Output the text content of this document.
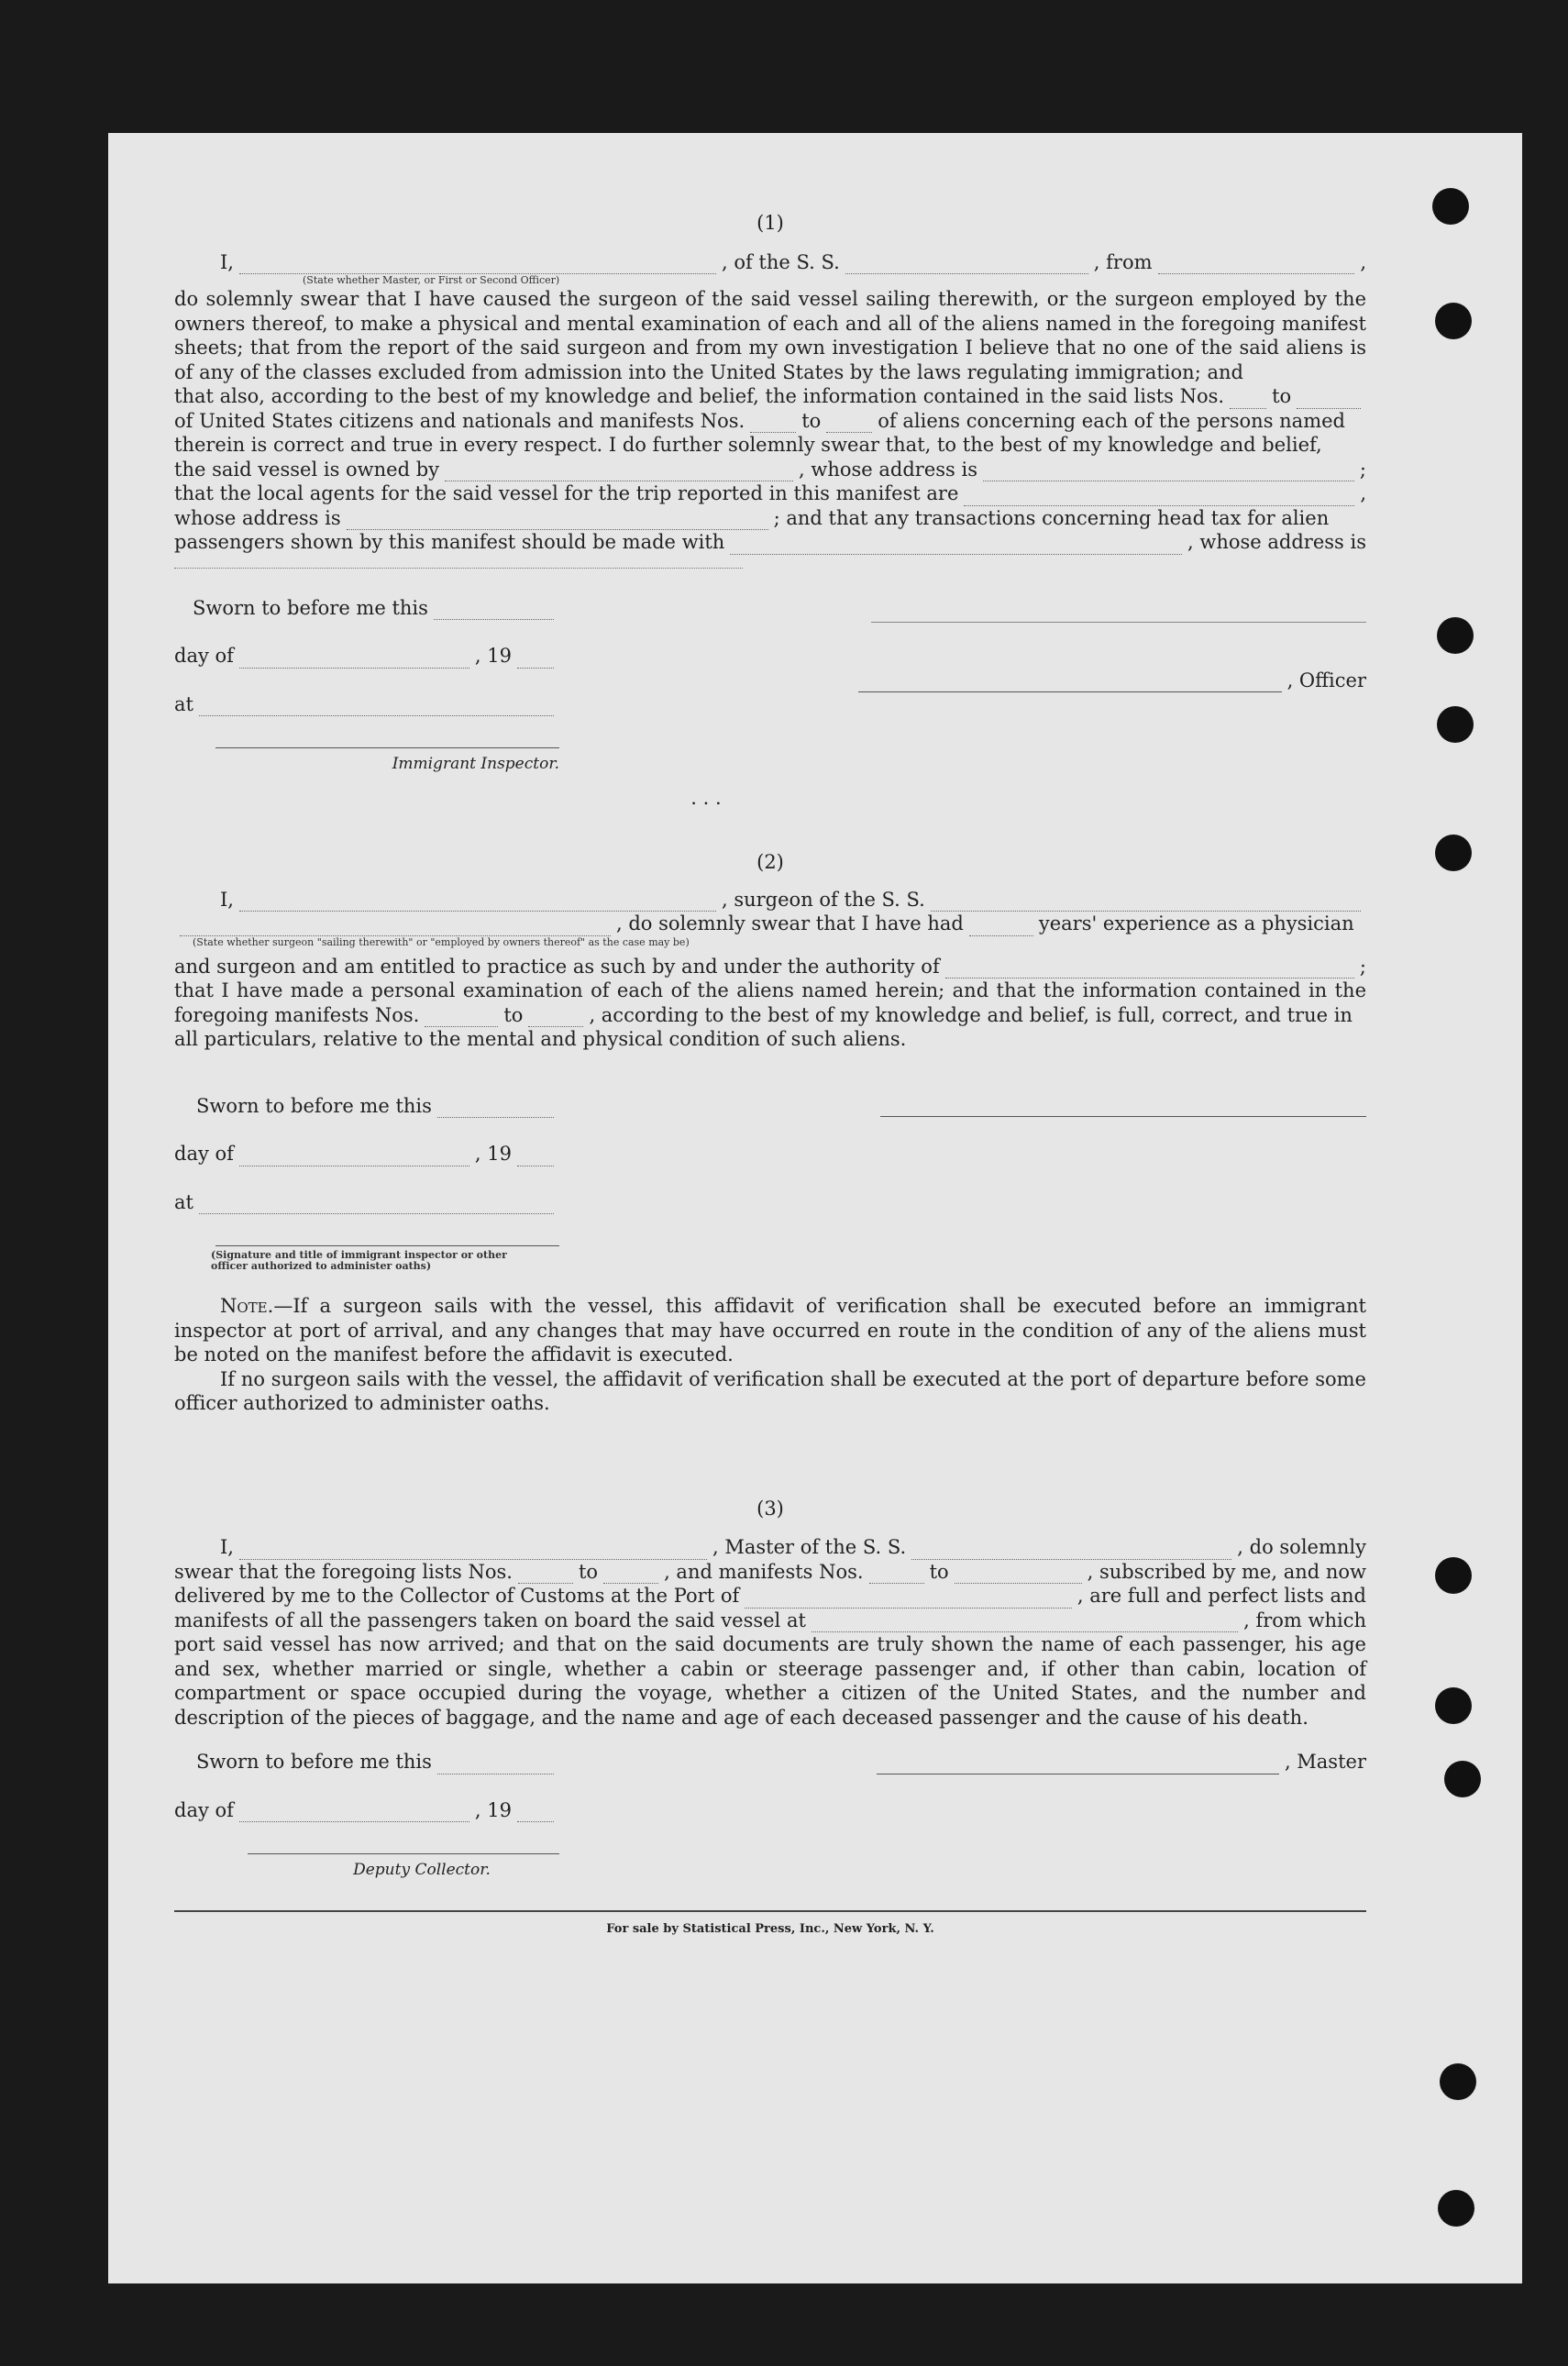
(1)
I,	, of the S. S.	, from	,
(State whether Master, or First or Second Officer)
do solemnly swear that I have caused the surgeon of the said vessel sailing therewith, or the surgeon employed by the owners thereof, to make a physical and mental examination of each and all of the aliens named in the foregoing manifest sheets; that from the report of the said surgeon and from my own investigation I believe that no one of the said aliens is of any of the classes excluded from admission into the United States by the laws regulating immigration; and
that also, according to the best of my knowledge and belief, the information contained in the said lists Nos. to
of United States citizens and nationals and manifests Nos.	to	of aliens concerning each of the persons named
therein is correct and true in every respect. I do further solemnly swear that, to the best of my knowledge and belief,
the said vessel is owned by	, whose address is	;
that the local agents for the said vessel for the trip reported in this manifest are	,
whose address is	; and that any transactions concerning head tax for alien
passengers shown by this manifest should be made with	, whose address is
Sworn to before me this
day of	, 19
at
Immigrant Inspector.
, Officer
. . .
(2)
I,	, surgeon of the S. S.
, do solemnly swear that I have had	years' experience as a physician
(State whether surgeon "sailing therewith" or "employed by owners thereof" as the case may be)
and surgeon and am entitled to practice as such by and under the authority of	;
that I have made a personal examination of each of the aliens named herein; and that the information contained in the
foregoing manifests Nos.	to	, according to the best of my knowledge and belief, is full, correct, and true in
all particulars, relative to the mental and physical condition of such aliens.
Sworn to before me this
day of	, 19
at
(Signature and title of immigrant inspector or other officer authorized to administer oaths)
Note.—If a surgeon sails with the vessel, this affidavit of verification shall be executed before an immigrant inspector at port of arrival, and any changes that may have occurred en route in the condition of any of the aliens must be noted on the manifest before the affidavit is executed.
If no surgeon sails with the vessel, the affidavit of verification shall be executed at the port of departure before some officer authorized to administer oaths.
(3)
I,	, Master of the S. S.	, do solemnly
swear that the foregoing lists Nos.	to	, and manifests Nos.	to	, subscribed by me, and now
delivered by me to the Collector of Customs at the Port of	, are full and perfect lists and
manifests of all the passengers taken on board the said vessel at	, from which
port said vessel has now arrived; and that on the said documents are truly shown the name of each passenger, his age and sex, whether married or single, whether a cabin or steerage passenger and, if other than cabin, location of compartment or space occupied during the voyage, whether a citizen of the United States, and the number and description of the pieces of baggage, and the name and age of each deceased passenger and the cause of his death.
Sworn to before me this
day of	, 19
Deputy Collector.
, Master
For sale by Statistical Press, Inc., New York, N. Y.
